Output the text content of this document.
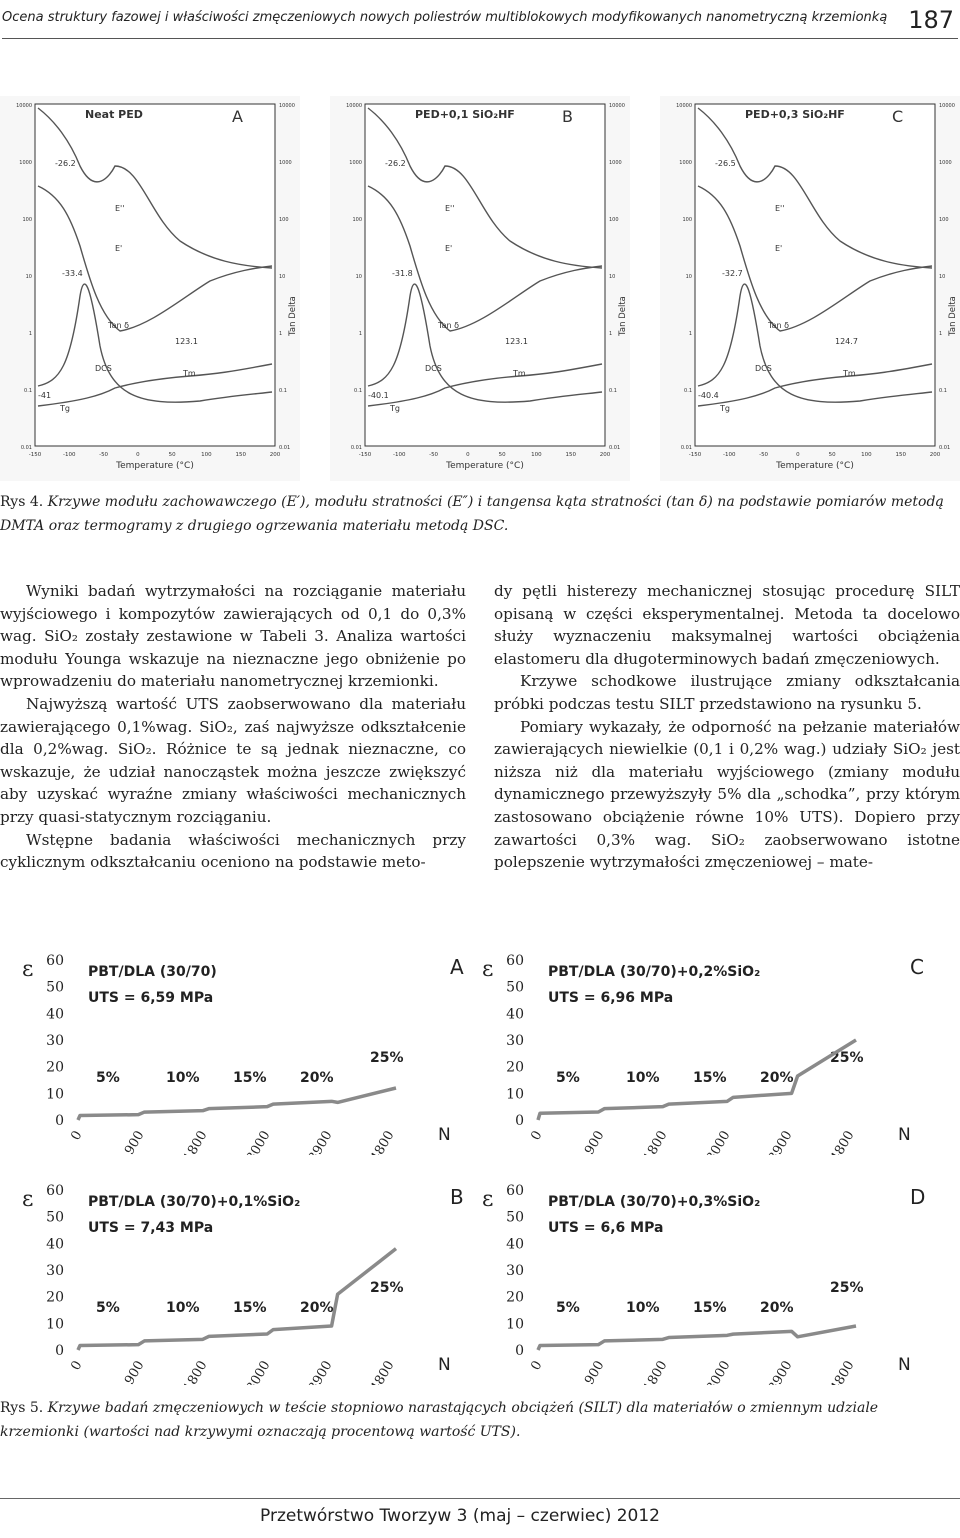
Ocena struktury fazowej i właściwości zmęczeniowych nowych poliestrów multiblokowych modyfikowanych nanometryczną krzemionką 187
10000	10000
1000	1000
100	100
10	10
1	1
0.1	0.1
0.01	0.01
-150	-100	-50	0	50	100	150	200
Temperature (°C)
Tan Delta
Neat PED	A
-26.2
E''
E'
-33.4
Tan δ
123.1
DCS
Tm
-41
Tg
10000	10000
1000	1000
100	100
10	10
1	1
0.1	0.1
0.01	0.01
-150	-100	-50	0	50	100	150	200
Temperature (°C)
Tan Delta
PED+0,1 SiO₂HF	B
-26.2
E''
E'
-31.8
Tan δ
123.1
DCS
Tm
-40.1
Tg
10000	10000
1000	1000
100	100
10	10
1	1
0.1	0.1
0.01	0.01
-150	-100	-50	0	50	100	150	200
Temperature (°C)
Tan Delta
PED+0,3 SiO₂HF	C
-26.5
E''
E'
-32.7
Tan δ
124.7
DCS
Tm
-40.4
Tg
Rys 4. Krzywe modułu zachowawczego (E′), modułu stratności (E″) i tangensa kąta stratności (tan δ) na podstawie pomiarów metodą DMTA oraz termogramy z drugiego ogrzewania materiału metodą DSC.

Wyniki badań wytrzymałości na rozciąganie materiału wyjściowego i kompozytów zawierających od 0,1 do 0,3% wag. SiO₂ zostały zestawione w Tabeli 3. Analiza wartości modułu Younga wskazuje na nieznaczne jego obniżenie po wprowadzeniu do materiału nanometrycznej krzemionki.

Najwyższą wartość UTS zaobserwowano dla materiału zawierającego 0,1%wag. SiO₂, zaś najwyższe odkształcenie dla 0,2%wag. SiO₂. Różnice te są jednak nieznaczne, co wskazuje, że udział nanocząstek można jeszcze zwiększyć aby uzyskać wyraźne zmiany właściwości mechanicznych przy quasi-statycznym rozciąganiu.

Wstępne badania właściwości mechanicznych przy cyklicznym odkształcaniu oceniono na podstawie meto-

dy pętli histerezy mechanicznej stosując procedurę SILT opisaną w części eksperymentalnej. Metoda ta docelowo służy wyznaczeniu maksymalnej wartości obciążenia elastomeru dla długoterminowych badań zmęczeniowych.

Krzywe schodkowe ilustrujące zmiany odkształcania próbki podczas testu SILT przedstawiono na rysunku 5.

Pomiary wykazały, że odporność na pełzanie materiałów zawierających niewielkie (0,1 i 0,2% wag.) udziały SiO₂ jest niższa niż dla materiału wyjściowego (zmiany modułu dynamicznego przewyższyły 5% dla „schodka”, przy którym zastosowano obciążenie równe 10% UTS). Dopiero przy zawartości 0,3% wag. SiO₂ zaobserwowano istotne polepszenie wytrzymałości zmęczeniowej – mate-

ε
0
10
20
30
40
50
60
0	900	1800	3000 3900 4800 N
A
PBT/DLA (30/70)
UTS = 6,59 MPa
5%	10% 15% 20%
25%
ε
0
10
20
30
40
50
60
0	900	1800	3000 3900 4800 N
C
PBT/DLA (30/70)+0,2%SiO₂
UTS = 6,96 MPa
5%	10% 15% 20%
25%
ε
0
10
20
30
40
50
60
0	900	1800	3000 3900 4800 N
B
PBT/DLA (30/70)+0,1%SiO₂
UTS = 7,43 MPa
5%	10% 15% 20%
25%
ε
0
10
20
30
40
50
60
0	900	1800	3000 3900 4800 N
D
PBT/DLA (30/70)+0,3%SiO₂
UTS = 6,6 MPa
5%	10% 15% 20%
25%
Rys 5. Krzywe badań zmęczeniowych w teście stopniowo narastających obciążeń (SILT) dla materiałów o zmiennym udziale krzemionki (wartości nad krzywymi oznaczają procentową wartość UTS).
Przetwórstwo Tworzyw 3 (maj – czerwiec) 2012
